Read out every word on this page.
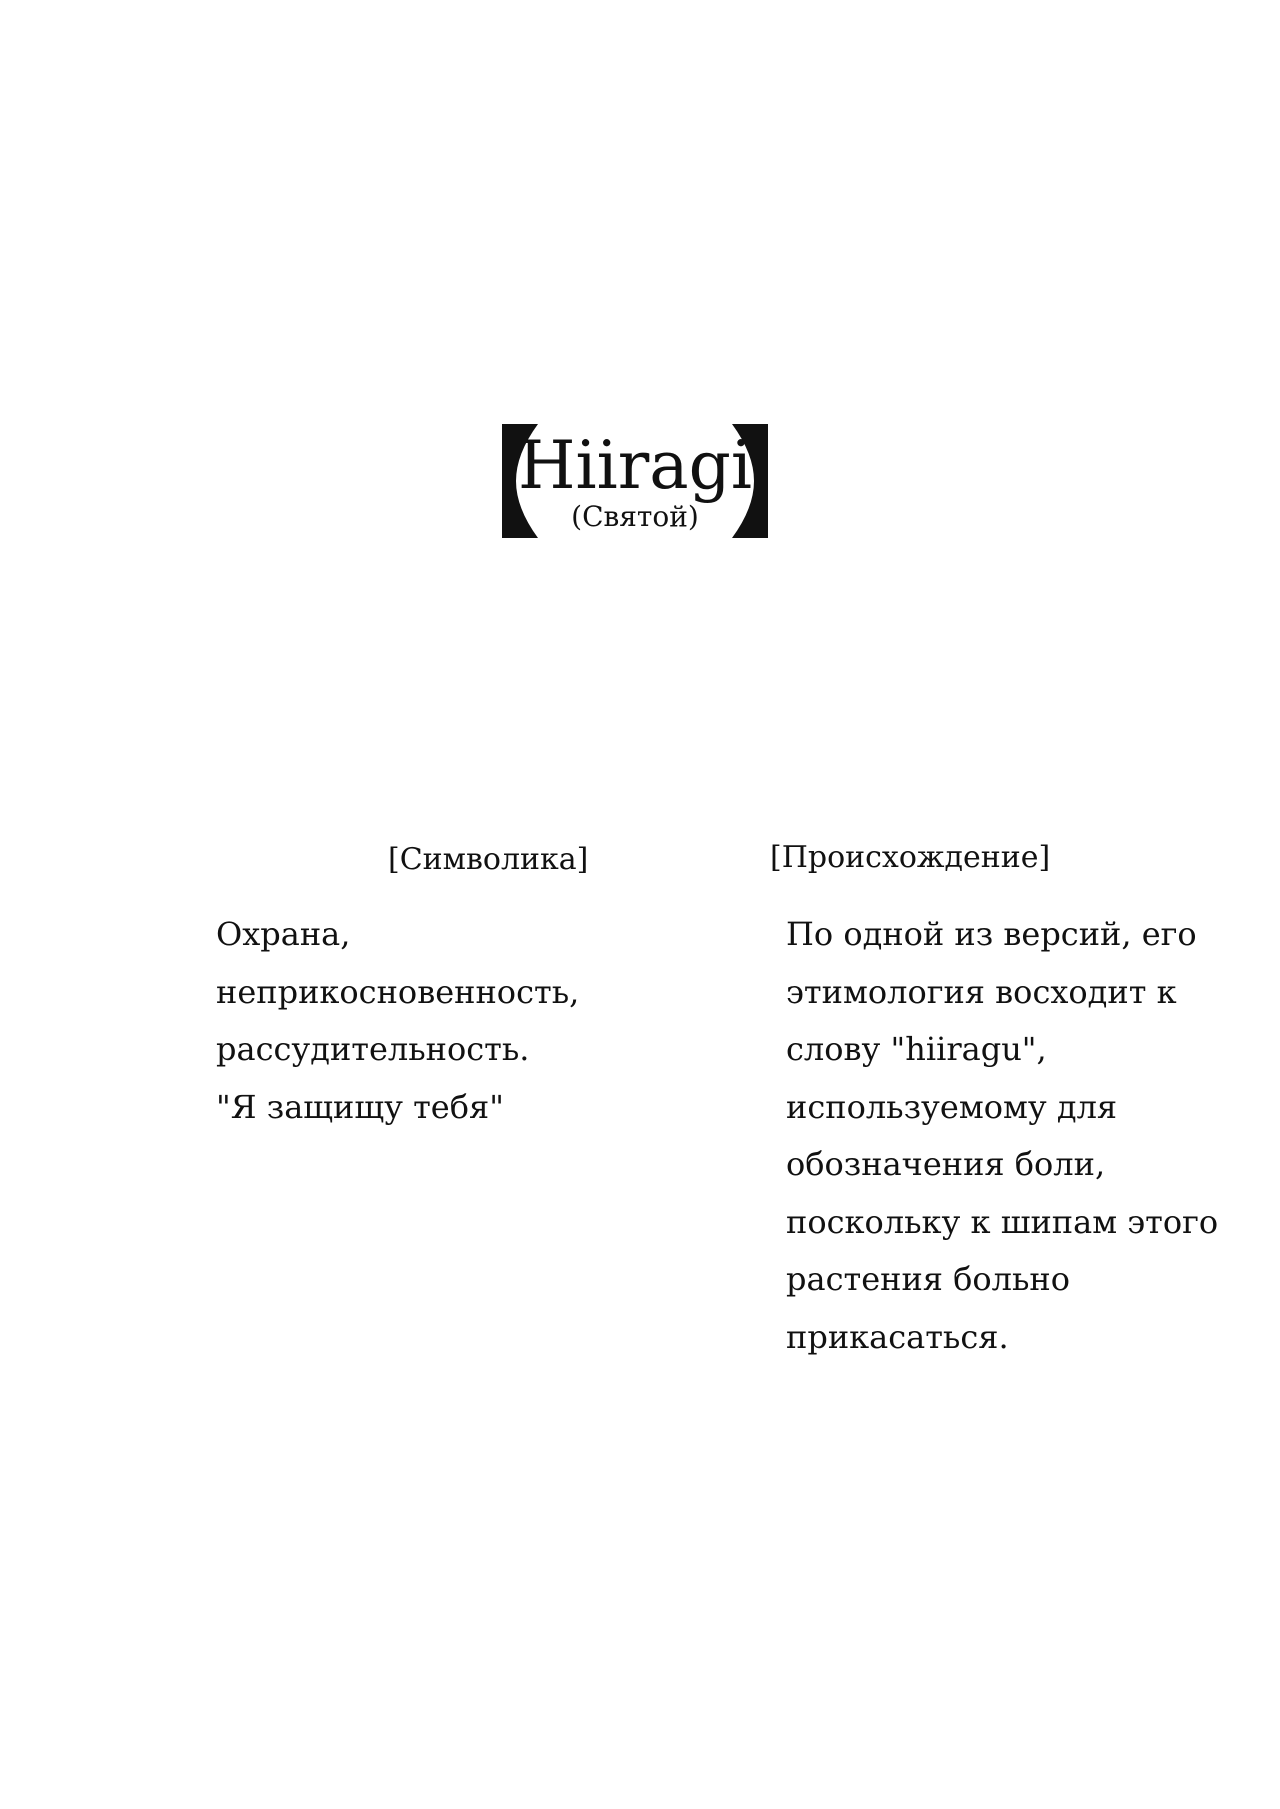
Hiiragi
(Святой)
[Символика]	[Происхождение]
Охрана,
неприкосновенность,
рассудительность.
"Я защищу тебя"
По одной из версий, его
этимология восходит к
слову "hiiragu",
используемому для
обозначения боли,
поскольку к шипам этого
растения больно
прикасаться.
